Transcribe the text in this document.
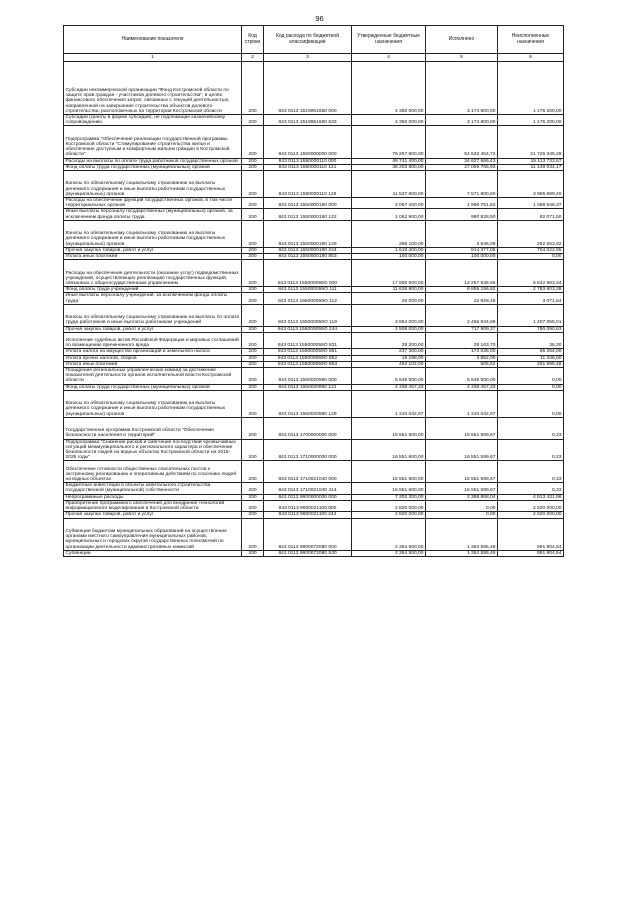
96
Наименование показателя	Код строки	Код расхода по бюджетной классификации	Утвержденные бюджетные назначения	Исполнено	Неисполненные назначения
1	2	3	4	5	6
Субсидии некоммерческой организации "Фонд Костромской области по защите прав граждан - участников долевого строительства", в целях финансового обеспечения затрат, связанных с текущей деятельностью, направленной на завершение строительства объектов долевого строительства, расположенных на территории Костромской области	200	843 0113 1519961650 000	4 350 000,00	3 174 800,00	1 175 200,00
Субсидии (гранты в форме субсидий), не подлежащие казначейскому сопровождению	200	843 0113 1519961650 633	4 350 000,00	3 174 800,00	1 175 200,00
Подпрограмма "Обеспечение реализации государственной программы Костромской области "Стимулирование строительства жилья и обеспечение доступным и комфортным жильем граждан в Костромской области"	200	843 0113 1550000000 000	76 257 800,00	54 532 454,72	21 725 345,28
Расходы на выплаты по оплате труда работников государственных органов	200	843 0113 1550000110 000	49 741 400,00	34 627 666,43	15 113 733,57
Фонд оплаты труда государственных (муниципальных) органов	200	843 0113 1550000110 121	38 203 800,00	27 055 765,93	11 148 034,17
Взносы по обязательному социальному страхованию на выплаты денежного содержания и иные выплаты работникам государственных (муниципальных) органов	200	843 0113 1550000110 129	11 537 600,00	7 571 900,60	3 965 699,40
Расходы на обеспечение функций государственных органов, в том числе территориальных органов	200	843 0113 1550000190 000	3 067 400,00	1 998 751,63	1 068 648,37
Иные выплаты персоналу государственных (муниципальных) органов, за исключением фонда оплаты труда	200	843 0113 1550000190 122	1 062 900,00	980 828,50	82 071,50
Взносы по обязательному социальному страхованию на выплаты денежного содержания и иные выплаты работникам государственных (муниципальных) органов	200	843 0113 1550000190 129	286 100,00	3 546,08	282 553,92
Прочая закупка товаров, работ и услуг	200	843 0113 1550000190 244	1 618 400,00	914 377,05	704 022,95
Уплата иных платежей	200	843 0113 1550000190 853	100 000,00	100 000,00	0,00
Расходы на обеспечение деятельности (оказание услуг) подведомственных учреждений, осуществляющих реализацию государственных функций, связанных с общегосударственным управлением	200	843 0113 155000059О 000	17 800 500,00	12 257 536,66	5 542 963,34
Фонд оплаты труда учреждений	200	843 0113 155000059О 111	11 638 800,00	8 855 196,62	2 783 603,38
Иные выплаты персоналу учреждений, за исключением фонда оплаты труда	200	843 0113 155000059О 112	26 000,00	22 928,46	3 071,54
Взносы по обязательному социальному страхованию на выплаты по оплате труда работников и иные выплаты работникам учреждений	200	843 0113 155000059О 119	3 864 000,00	2 456 944,99	1 407 055,01
Прочая закупка товаров, работ и услуг	200	843 0113 155000059О 244	1 508 000,00	717 909,37	790 090,63
Исполнение судебных актов Российской Федерации и мировых соглашений по возмещению причиненного вреда	200	843 0113 155000059О 831	28 200,00	28 163,70	36,30
Уплата налога на имущество организаций и земельного налога	200	843 0113 155000059О 851	237 300,00	172 036,00	65 264,00
Уплата прочих налогов, сборов	200	843 0113 155000059О 852	15 198,00	3 852,00	11 346,00
Уплата иных платежей	200	843 0113 155000059О 853	482 102,00	505,52	481 596,48
Поощрение региональных управленческих команд за достижение показателей деятельности органов исполнительной власти Костромской области	200	843 0113 1550020960 000	5 648 500,00	5 648 500,00	0,00
Фонд оплаты труда государственных (муниципальных) органов	200	843 0113 1550020960 121	4 338 457,33	4 338 457,33	0,00
Взносы по обязательному социальному страхованию на выплаты денежного содержания и иные выплаты работникам государственных (муниципальных) органов	200	843 0113 1550020960 129	1 310 042,67	1 310 042,67	0,00
Государственная программа Костромской области "Обеспечение безопасности населения и территорий"	200	843 0113 1700000000 000	16 551 600,00	16 551 599,67	0,33
Подпрограмма "Снижение рисков и смягчение последствий чрезвычайных ситуаций межмуниципального и регионального характера и обеспечение безопасности людей на водных объектах Костромской области на 2015-2025 годы"	200	843 0113 1710000000 000	16 551 600,00	16 551 599,67	0,33
Обеспечение готовности общественных спасательных постов к экстренному реагированию и оперативным действиям по спасению людей на водных объектах	200	843 0113 1710021040 000	16 551 600,00	16 551 599,67	0,33
Бюджетные инвестиции в объекты капитального строительства государственной (муниципальной) собственности	200	843 0113 1710021040 414	16 551 600,00	16 551 599,67	0,33
Непрограммные расходы	200	843 0113 9900000000 000	7 302 300,00	2 388 868,04	4 913 431,96
Приобретение программного обеспечения для внедрения технологий информационного моделирования в Костромской области	200	843 0113 9900021100 000	2 820 000,00	0,00	2 820 000,00
Прочая закупка товаров, работ и услуг	200	843 0113 9900021100 244	2 820 000,00	0,00	2 820 000,00
Субвенции бюджетам муниципальных образований на осуществление органами местного самоуправления муниципальных районов, муниципальных и городских округов государственных полномочий по организации деятельности административных комиссий	200	843 0113 9900072080 000	2 354 500,00	1 362 595,46	991 904,54
Субвенции	200	843 0113 9900072080 530	2 354 500,00	1 362 595,46	991 904,54
